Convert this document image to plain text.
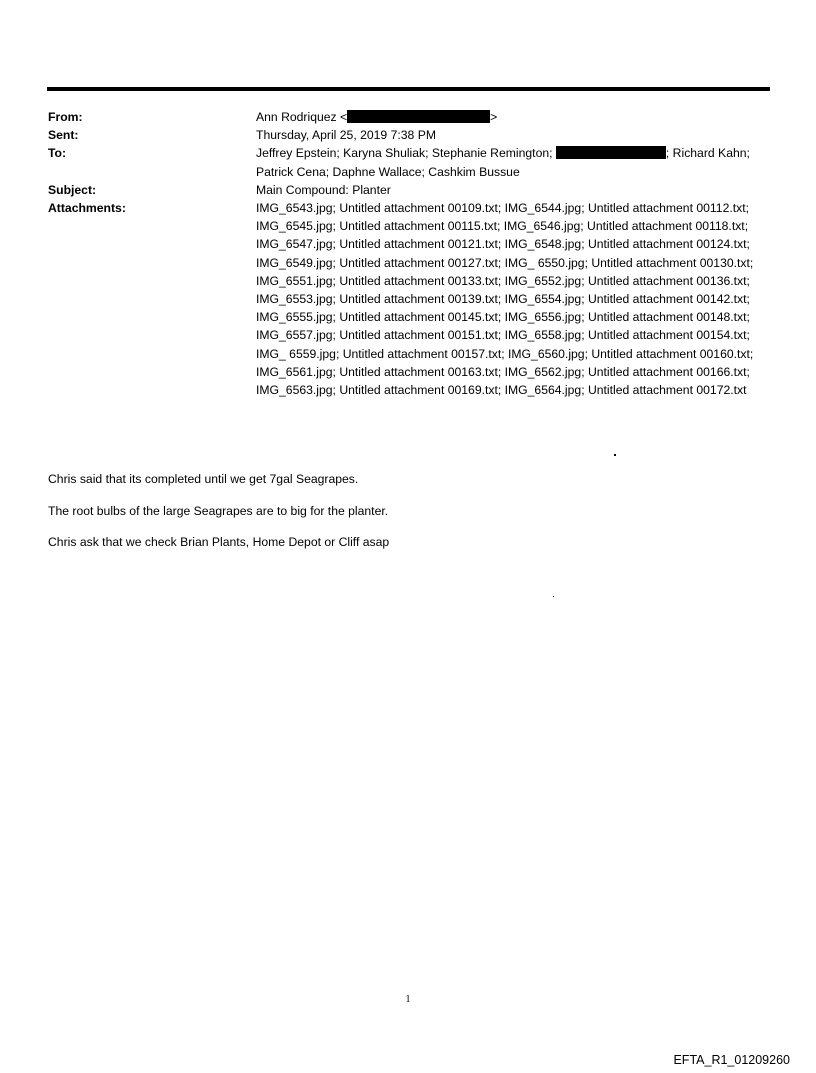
From:	Ann Rodriquez <	>
Sent:	Thursday, April 25, 2019 7:38 PM
To:	Jeffrey Epstein; Karyna Shuliak; Stephanie Remington;	; Richard Kahn; Patrick Cena; Daphne Wallace; Cashkim Bussue
Subject:	Main Compound: Planter
Attachments:	IMG_6543.jpg; Untitled attachment 00109.txt; IMG_6544.jpg; Untitled attachment 00112.txt; IMG_6545.jpg; Untitled attachment 00115.txt; IMG_6546.jpg; Untitled attachment 00118.txt; IMG_6547.jpg; Untitled attachment 00121.txt; IMG_6548.jpg; Untitled attachment 00124.txt; IMG_6549.jpg; Untitled attachment 00127.txt; IMG_ 6550.jpg; Untitled attachment 00130.txt; IMG_6551.jpg; Untitled attachment 00133.txt; IMG_6552.jpg; Untitled attachment 00136.txt; IMG_6553.jpg; Untitled attachment 00139.txt; IMG_6554.jpg; Untitled attachment 00142.txt; IMG_6555.jpg; Untitled attachment 00145.txt; IMG_6556.jpg; Untitled attachment 00148.txt; IMG_6557.jpg; Untitled attachment 00151.txt; IMG_6558.jpg; Untitled attachment 00154.txt; IMG_ 6559.jpg; Untitled attachment 00157.txt; IMG_6560.jpg; Untitled attachment 00160.txt; IMG_6561.jpg; Untitled attachment 00163.txt; IMG_6562.jpg; Untitled attachment 00166.txt; IMG_6563.jpg; Untitled attachment 00169.txt; IMG_6564.jpg; Untitled attachment 00172.txt

Chris said that its completed until we get 7gal Seagrapes.

The root bulbs of the large Seagrapes are to big for the planter.

Chris ask that we check Brian Plants, Home Depot or Cliff asap

1
EFTA_R1_01209260
